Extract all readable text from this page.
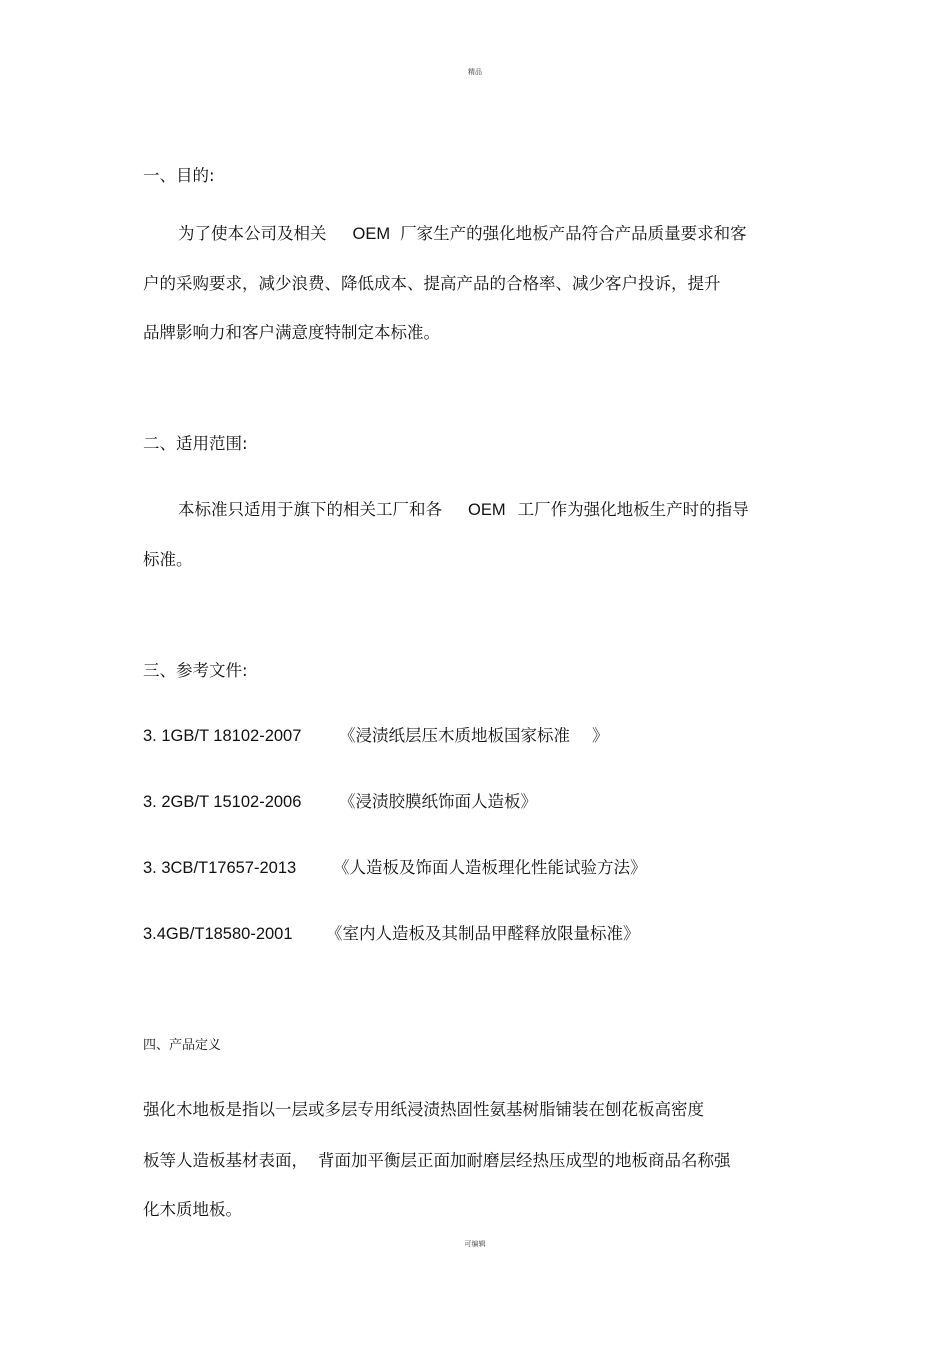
精品
一、目的:
为了使本公司及相关 OEM 厂家生产的强化地板产品符合产品质量要求和客
户的采购要求，减少浪费、降低成本、提高产品的合格率、减少客户投诉，提升
品牌影响力和客户满意度特制定本标准。
二、适用范围:
本标准只适用于旗下的相关工厂和各 OEM 工厂作为强化地板生产时的指导
标准。
三、参考文件:
3. 1GB/T 18102-2007 《浸渍纸层压木质地板国家标准 》
3. 2GB/T 15102-2006 《浸渍胶膜纸饰面人造板》
3. 3CB/T17657-2013 《人造板及饰面人造板理化性能试验方法》
3.4GB/T18580-2001 《室内人造板及其制品甲醛释放限量标准》
四、产品定义
强化木地板是指以一层或多层专用纸浸渍热固性氨基树脂铺装在刨花板高密度
板等人造板基材表面， 背面加平衡层正面加耐磨层经热压成型的地板商品名称强
化木质地板。
可编辑
